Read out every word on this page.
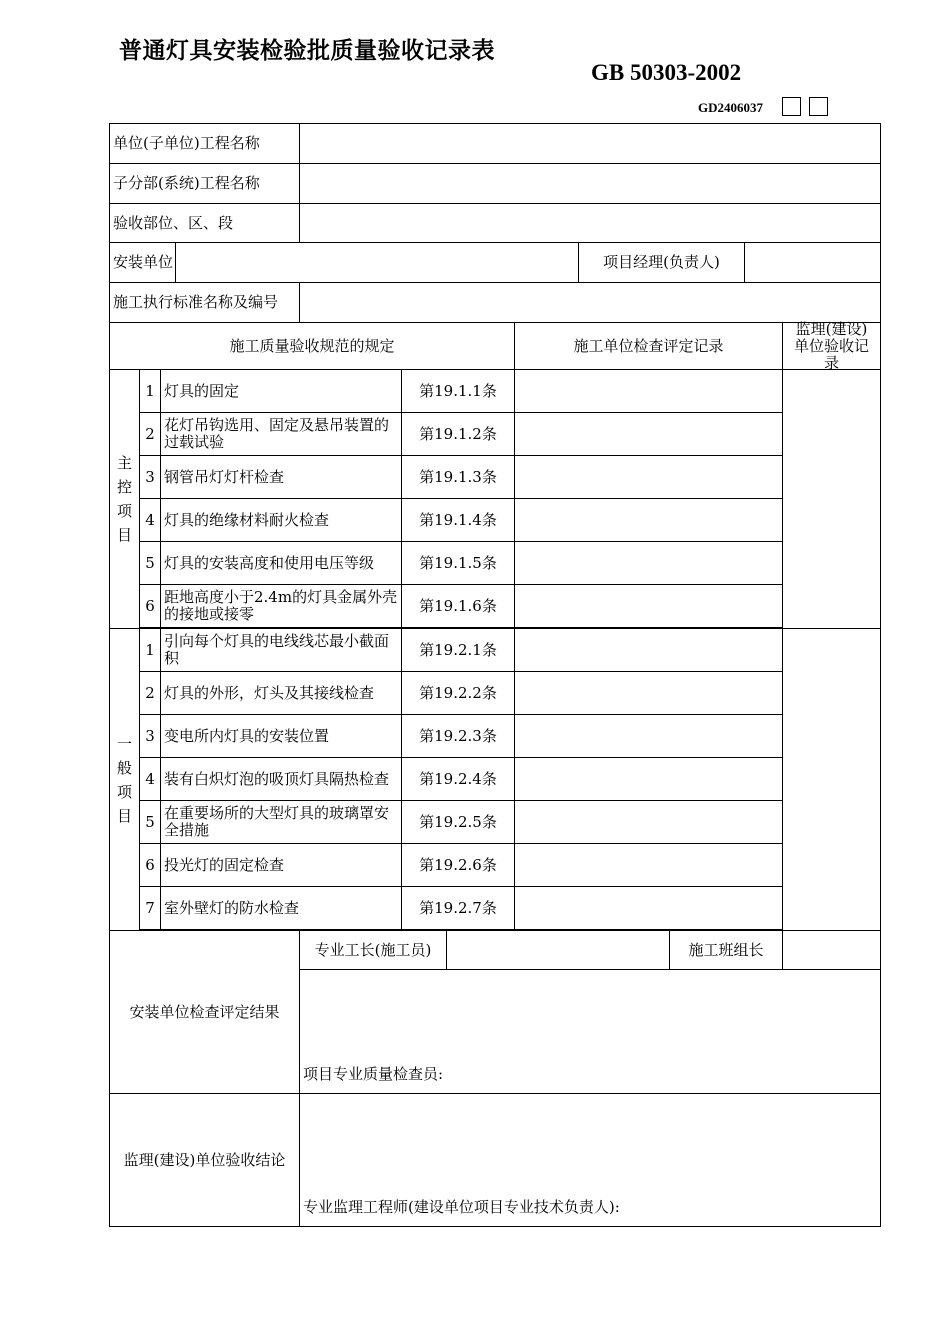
普通灯具安装检验批质量验收记录表
GB 50303-2002
GD2406037
单位(子单位)工程名称
子分部(系统)工程名称
验收部位、区、段
安装单位	项目经理(负责人)
施工执行标准名称及编号
施工质量验收规范的规定	施工单位检查评定记录
监理(建设)单位验收记录
主控项目
1 灯具的固定	第19.1.1条
2 花灯吊钩选用、固定及悬吊装置的过载试验	第19.1.2条
3 钢管吊灯灯杆检查	第19.1.3条
4 灯具的绝缘材料耐火检查	第19.1.4条
5 灯具的安装高度和使用电压等级	第19.1.5条
6 距地高度小于2.4m的灯具金属外壳的接地或接零	第19.1.6条
一般项目
1 引向每个灯具的电线线芯最小截面积	第19.2.1条
2 灯具的外形，灯头及其接线检查	第19.2.2条
3 变电所内灯具的安装位置	第19.2.3条
4 装有白炽灯泡的吸顶灯具隔热检查	第19.2.4条
5 在重要场所的大型灯具的玻璃罩安全措施	第19.2.5条
6 投光灯的固定检查	第19.2.6条
7 室外壁灯的防水检查	第19.2.7条
安装单位检查评定结果
专业工长(施工员)	施工班组长
项目专业质量检查员:
监理(建设)单位验收结论
专业监理工程师(建设单位项目专业技术负责人):
